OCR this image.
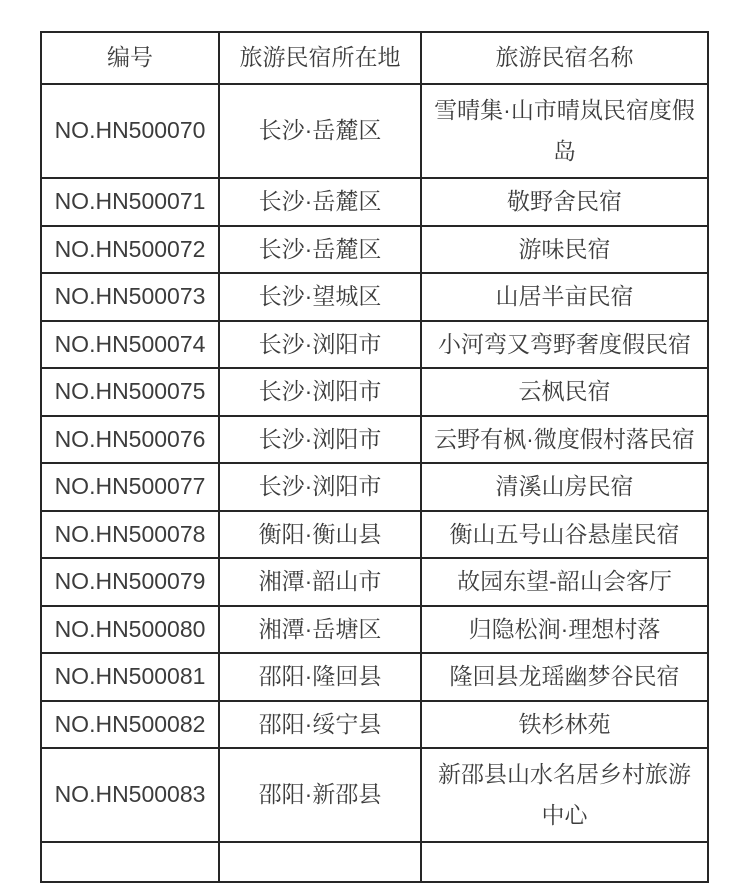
编号	旅游民宿所在地	旅游民宿名称
NO.HN500070	长沙·岳麓区	雪晴集·山市晴岚民宿度假岛
NO.HN500071	长沙·岳麓区	敬野舍民宿
NO.HN500072	长沙·岳麓区	游味民宿
NO.HN500073	长沙·望城区	山居半亩民宿
NO.HN500074	长沙·浏阳市	小河弯又弯野奢度假民宿
NO.HN500075	长沙·浏阳市	云枫民宿
NO.HN500076	长沙·浏阳市	云野有枫·微度假村落民宿
NO.HN500077	长沙·浏阳市	清溪山房民宿
NO.HN500078	衡阳·衡山县	衡山五号山谷悬崖民宿
NO.HN500079	湘潭·韶山市	故园东望-韶山会客厅
NO.HN500080	湘潭·岳塘区	归隐松涧·理想村落
NO.HN500081	邵阳·隆回县	隆回县龙瑶幽梦谷民宿
NO.HN500082	邵阳·绥宁县	铁杉林苑
NO.HN500083	邵阳·新邵县	新邵县山水名居乡村旅游中心
